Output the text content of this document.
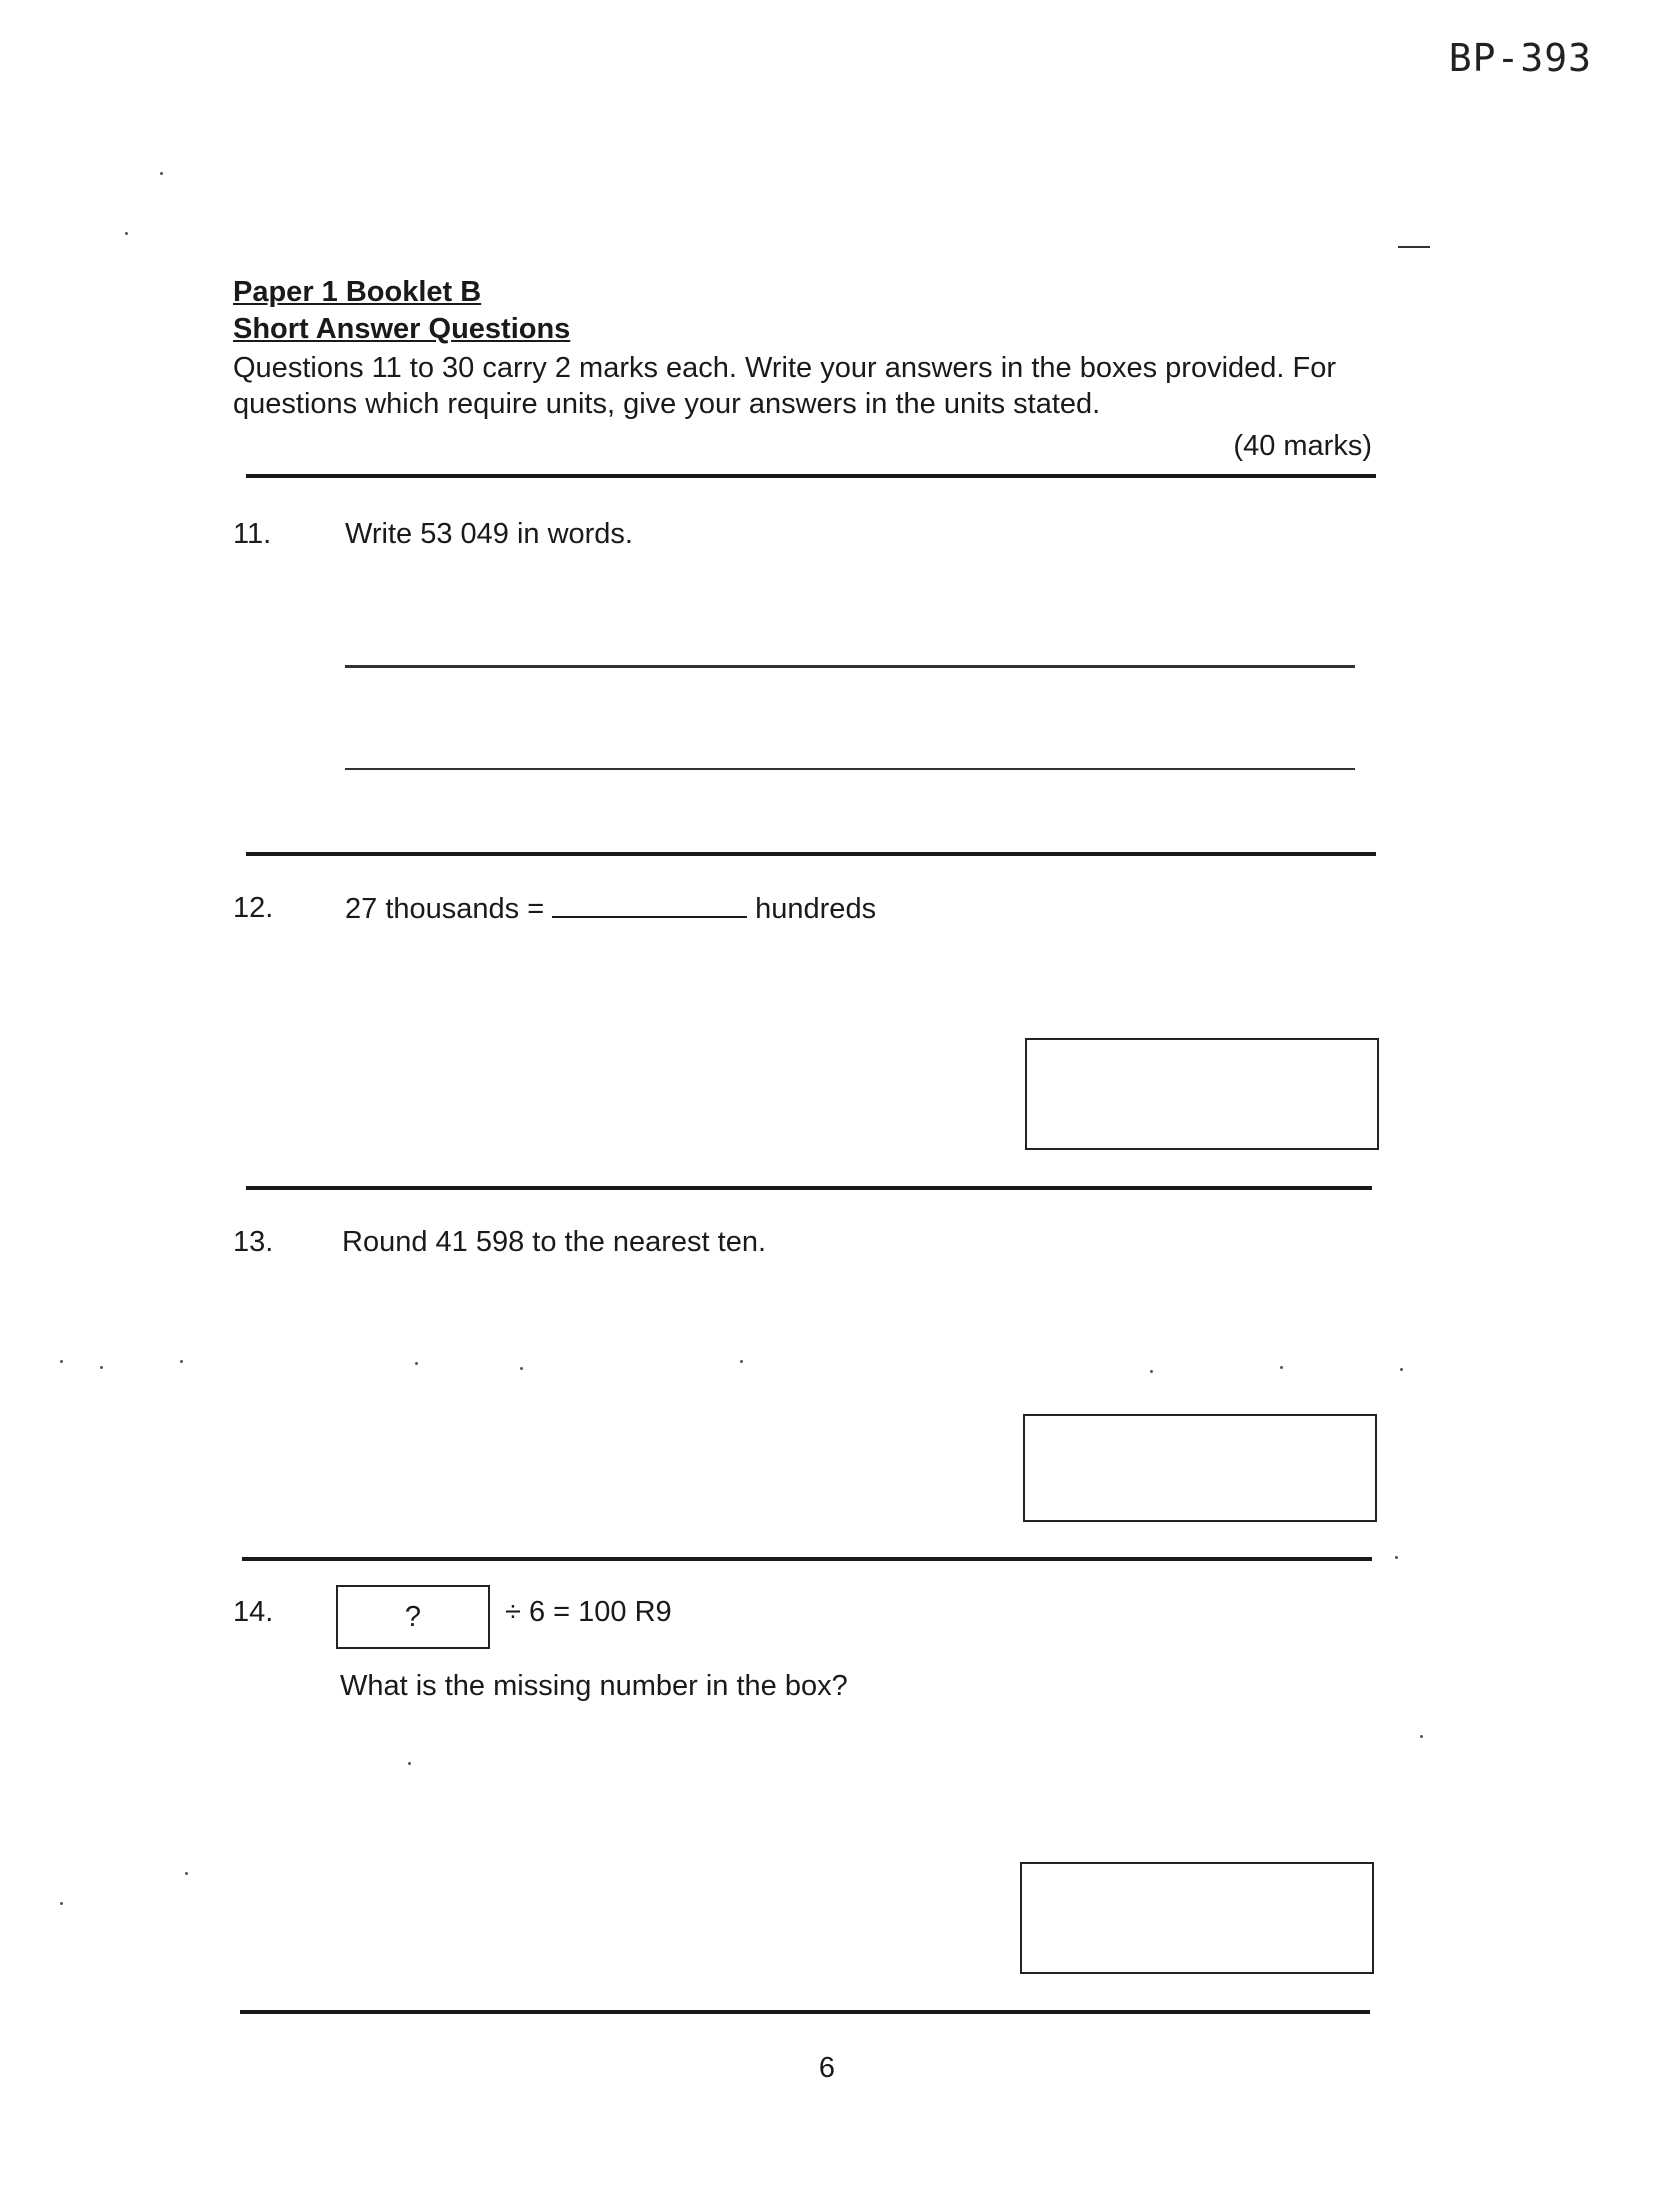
BP-393
Paper 1 Booklet B
Short Answer Questions
Questions 11 to 30 carry 2 marks each. Write your answers in the boxes provided. For questions which require units, give your answers in the units stated.
(40 marks)
11.	Write 53 049 in words.
12. 27 thousands =	hundreds
13. Round 41 598 to the nearest ten.
14.	?	÷ 6 = 100 R9
What is the missing number in the box?
6
